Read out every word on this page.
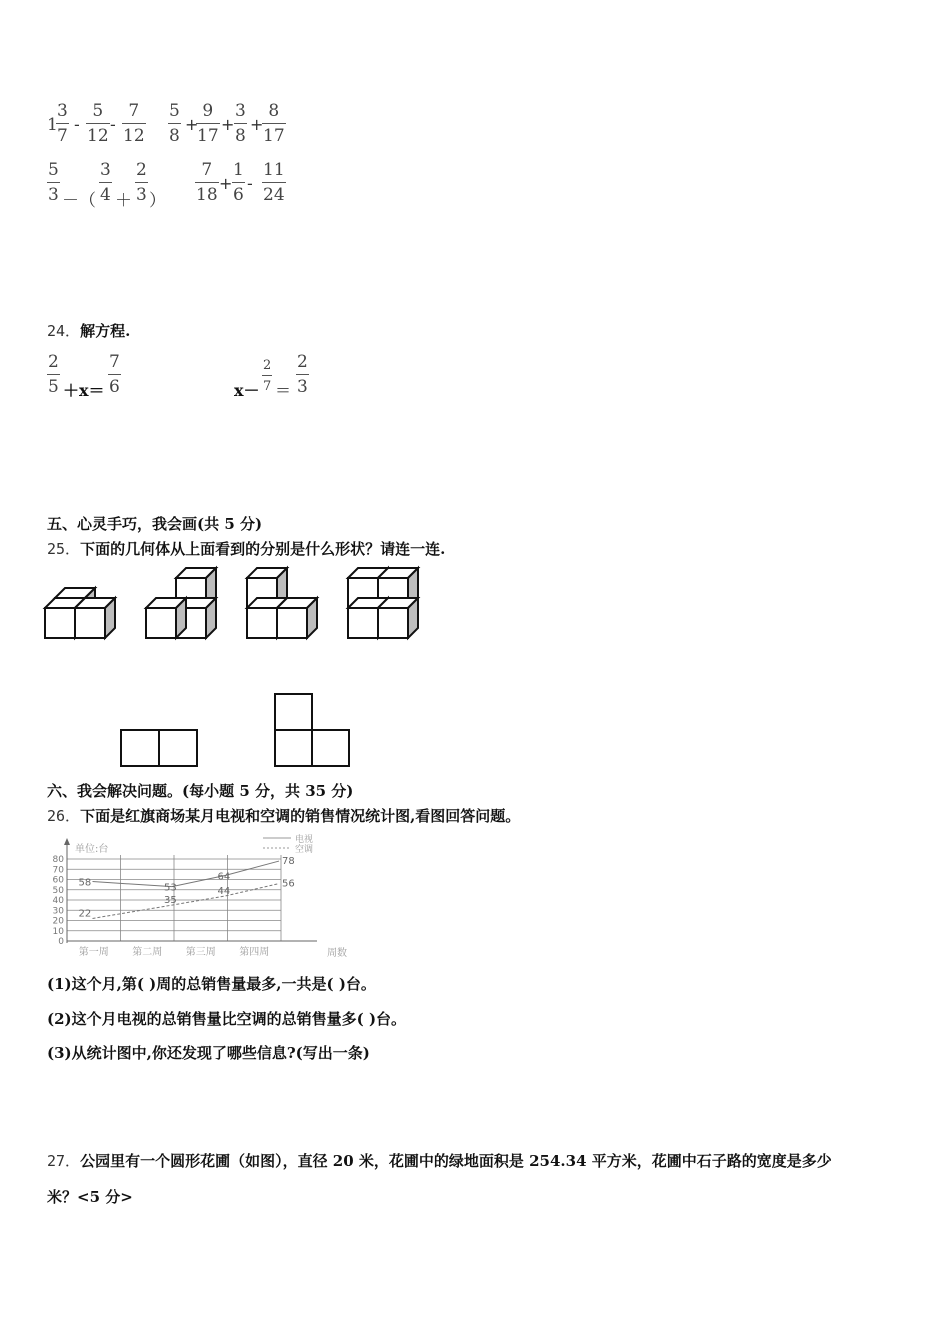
1
$\frac{3}{7} - \frac{5}{12} - \frac{7}{12} \frac{5}{8}$ +
$\frac{9}{17} + \frac{3}{8}$ +
$\frac{8}{17}$
$\frac{5}{3}$ －（ $\frac{3}{4} + \frac{2}{3}$ ） $\frac{7}{18} + \frac{1}{6} - \frac{11}{24}$
24．解方程.
$\frac{2}{5} +x= \frac{7}{6}$	$x- \frac{2}{7} = \frac{2}{3}$
五、心灵手巧，我会画(共 5 分)
25．下面的几何体从上面看到的分别是什么形状？请连一连.
六、我会解决问题。(每小题 5 分，共 35 分)
26．下面是红旗商场某月电视和空调的销售情况统计图,看图回答问题。
单位:台
电视
空调
0
10
20
30
40
50
60
70
80
第一周 第二周 第三周 第四周
58	53
64
78
22
35
44
56
周数
(1)这个月,第( )周的总销售量最多,一共是( )台。
(2)这个月电视的总销售量比空调的总销售量多( )台。
(3)从统计图中,你还发现了哪些信息?(写出一条)
27．公园里有一个圆形花圃（如图），直径 20 米，花圃中的绿地面积是 254.34 平方米，花圃中石子路的宽度是多少
米？<5 分>
